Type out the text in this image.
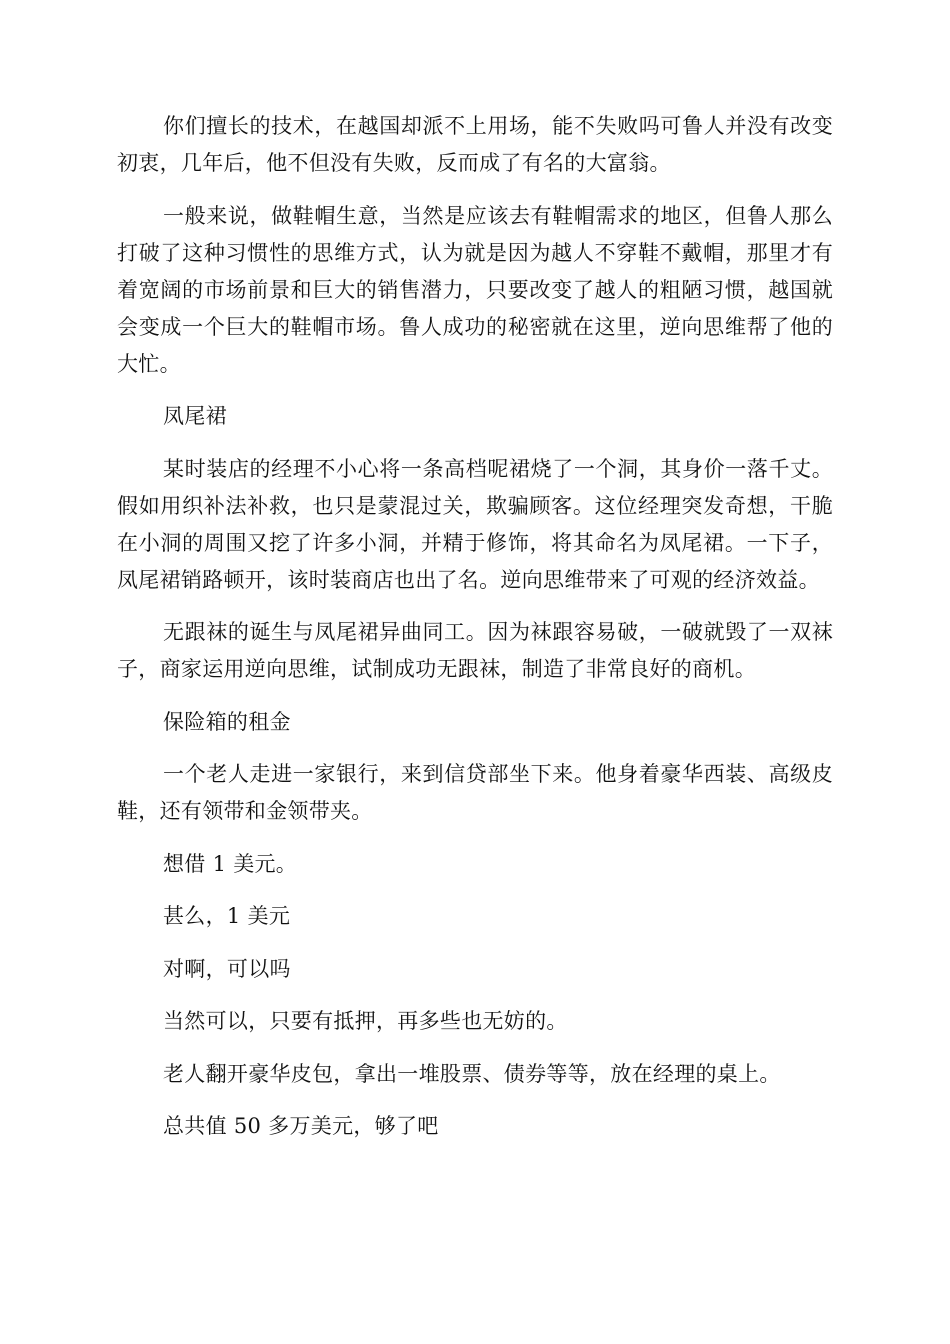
你们擅长的技术，在越国却派不上用场，能不失败吗可鲁人并没有改变初衷，几年后，他不但没有失败，反而成了有名的大富翁。

一般来说，做鞋帽生意，当然是应该去有鞋帽需求的地区，但鲁人那么打破了这种习惯性的思维方式，认为就是因为越人不穿鞋不戴帽，那里才有着宽阔的市场前景和巨大的销售潜力，只要改变了越人的粗陋习惯，越国就会变成一个巨大的鞋帽市场。鲁人成功的秘密就在这里，逆向思维帮了他的大忙。

凤尾裙

某时装店的经理不小心将一条高档呢裙烧了一个洞，其身价一落千丈。假如用织补法补救，也只是蒙混过关，欺骗顾客。这位经理突发奇想，干脆在小洞的周围又挖了许多小洞，并精于修饰，将其命名为凤尾裙。一下子，凤尾裙销路顿开，该时装商店也出了名。逆向思维带来了可观的经济效益。

无跟袜的诞生与凤尾裙异曲同工。因为袜跟容易破，一破就毁了一双袜子，商家运用逆向思维，试制成功无跟袜，制造了非常良好的商机。

保险箱的租金

一个老人走进一家银行，来到信贷部坐下来。他身着豪华西装、高级皮鞋，还有领带和金领带夹。

想借 1 美元。

甚么，1 美元

对啊，可以吗

当然可以，只要有抵押，再多些也无妨的。

老人翻开豪华皮包，拿出一堆股票、债券等等，放在经理的桌上。

总共值 50 多万美元，够了吧
